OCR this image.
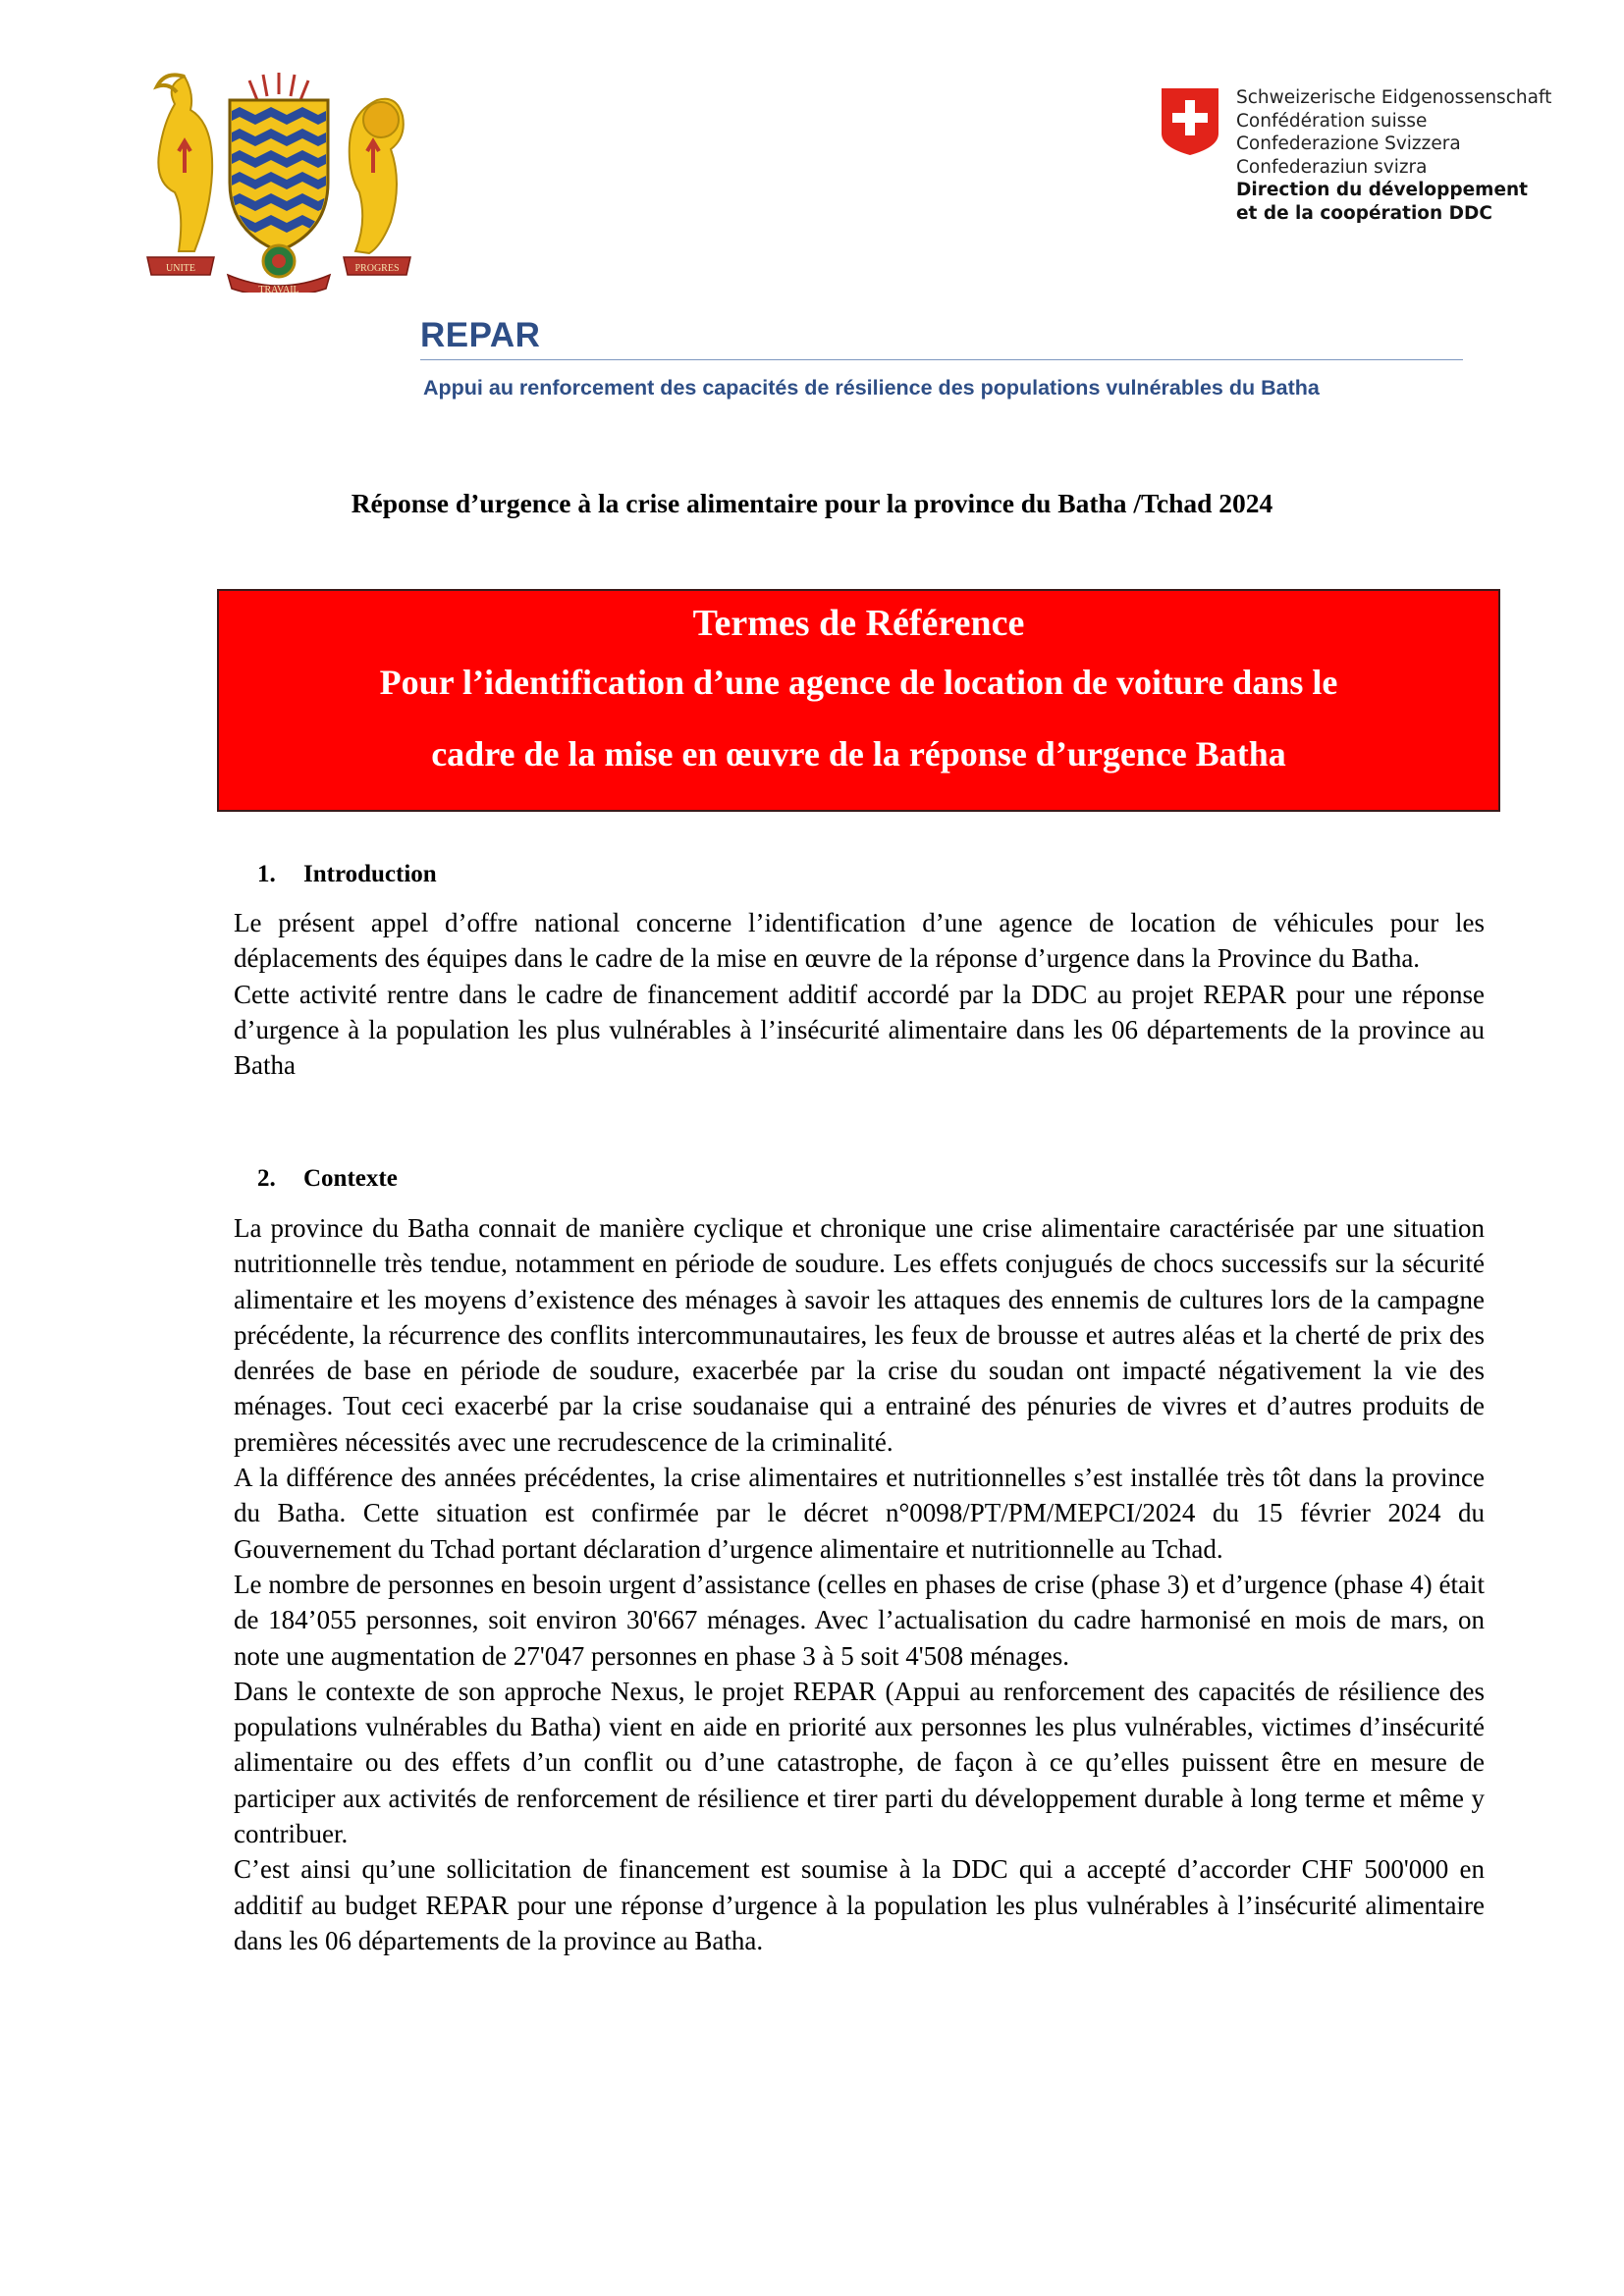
UNITE	PROGRES
TRAVAIL
Schweizerische Eidgenossenschaft
Confédération suisse
Confederazione Svizzera
Confederaziun svizra
Direction du développement
et de la coopération DDC
REPAR
Appui au renforcement des capacités de résilience des populations vulnérables du Batha
Réponse d’urgence à la crise alimentaire pour la province du Batha /Tchad 2024
Termes de Référence
Pour l’identification d’une agence de location de voiture dans le
cadre de la mise en œuvre de la réponse d’urgence Batha
1. Introduction

Le présent appel d’offre national concerne l’identification d’une agence de location de véhicules pour les déplacements des équipes dans le cadre de la mise en œuvre de la réponse d’urgence dans la Province du Batha.

Cette activité rentre dans le cadre de financement additif accordé par la DDC au projet REPAR pour une réponse d’urgence à la population les plus vulnérables à l’insécurité alimentaire dans les 06 départements de la province au Batha

2. Contexte

La province du Batha connait de manière cyclique et chronique une crise alimentaire caractérisée par une situation nutritionnelle très tendue, notamment en période de soudure. Les effets conjugués de chocs successifs sur la sécurité alimentaire et les moyens d’existence des ménages à savoir les attaques des ennemis de cultures lors de la campagne précédente, la récurrence des conflits intercommunautaires, les feux de brousse et autres aléas et la cherté de prix des denrées de base en période de soudure, exacerbée par la crise du soudan ont impacté négativement la vie des ménages. Tout ceci exacerbé par la crise soudanaise qui a entrainé des pénuries de vivres et d’autres produits de premières nécessités avec une recrudescence de la criminalité.

A la différence des années précédentes, la crise alimentaires et nutritionnelles s’est installée très tôt dans la province du Batha. Cette situation est confirmée par le décret n°0098/PT/PM/MEPCI/2024 du 15 février 2024 du Gouvernement du Tchad portant déclaration d’urgence alimentaire et nutritionnelle au Tchad.

Le nombre de personnes en besoin urgent d’assistance (celles en phases de crise (phase 3) et d’urgence (phase 4) était de 184’055 personnes, soit environ 30'667 ménages. Avec l’actualisation du cadre harmonisé en mois de mars, on note une augmentation de 27'047 personnes en phase 3 à 5 soit 4'508 ménages.

Dans le contexte de son approche Nexus, le projet REPAR (Appui au renforcement des capacités de résilience des populations vulnérables du Batha) vient en aide en priorité aux personnes les plus vulnérables, victimes d’insécurité alimentaire ou des effets d’un conflit ou d’une catastrophe, de façon à ce qu’elles puissent être en mesure de participer aux activités de renforcement de résilience et tirer parti du développement durable à long terme et même y contribuer.

C’est ainsi qu’une sollicitation de financement est soumise à la DDC qui a accepté d’accorder CHF 500'000 en additif au budget REPAR pour une réponse d’urgence à la population les plus vulnérables à l’insécurité alimentaire dans les 06 départements de la province au Batha.
